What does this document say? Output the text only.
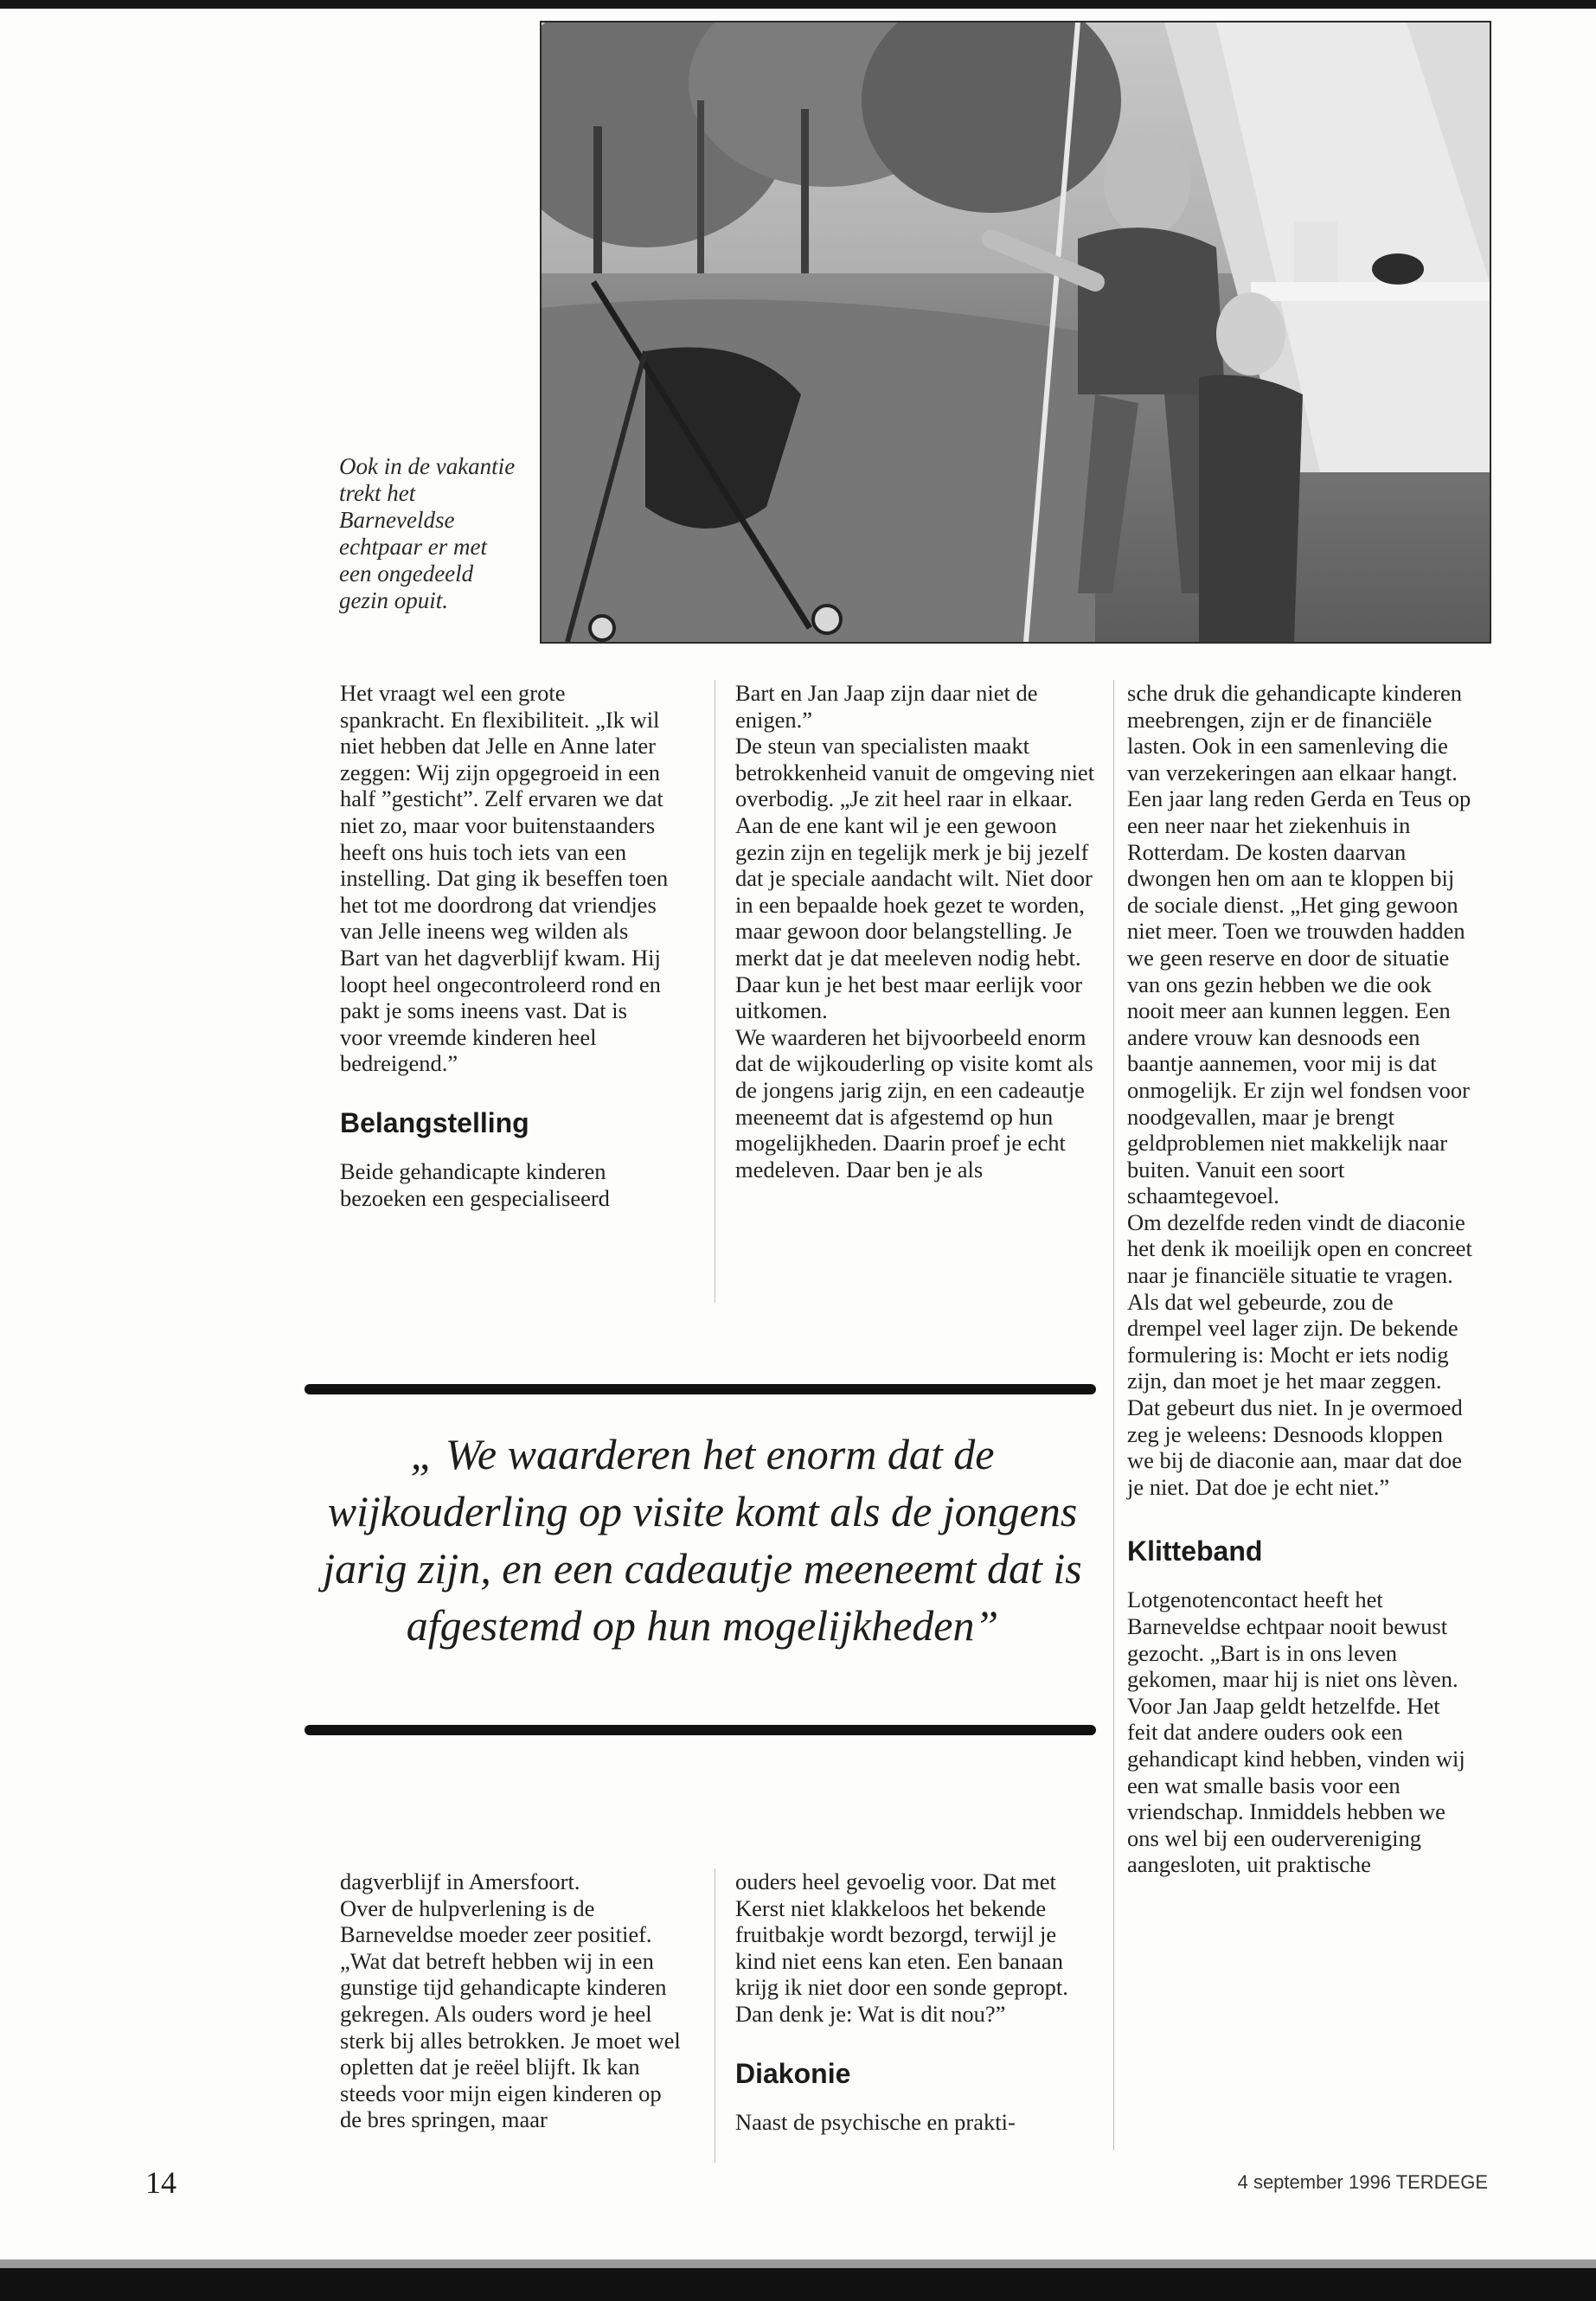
Ook in de vakantie trekt het Barneveldse echtpaar er met een ongedeeld gezin opuit.

Het vraagt wel een grote spankracht. En flexibiliteit. „Ik wil niet hebben dat Jelle en Anne later zeggen: Wij zijn opgegroeid in een half ”gesticht”. Zelf ervaren we dat niet zo, maar voor buitenstaanders heeft ons huis toch iets van een instelling. Dat ging ik beseffen toen het tot me doordrong dat vriendjes van Jelle ineens weg wilden als Bart van het dagverblijf kwam. Hij loopt heel ongecontroleerd rond en pakt je soms ineens vast. Dat is voor vreemde kinderen heel bedreigend.”

Belangstelling

Beide gehandicapte kinderen bezoeken een gespecialiseerd

Bart en Jan Jaap zijn daar niet de enigen.”

De steun van specialisten maakt betrokkenheid vanuit de omgeving niet overbodig. „Je zit heel raar in elkaar. Aan de ene kant wil je een gewoon gezin zijn en tegelijk merk je bij jezelf dat je speciale aandacht wilt. Niet door in een bepaalde hoek gezet te worden, maar gewoon door belangstelling. Je merkt dat je dat meeleven nodig hebt. Daar kun je het best maar eerlijk voor uitkomen.

We waarderen het bijvoorbeeld enorm dat de wijkouderling op visite komt als de jongens jarig zijn, en een cadeautje meeneemt dat is afgestemd op hun mogelijkheden. Daarin proef je echt medeleven. Daar ben je als

sche druk die gehandicapte kinderen meebrengen, zijn er de financiële lasten. Ook in een samenleving die van verzekeringen aan elkaar hangt. Een jaar lang reden Gerda en Teus op een neer naar het ziekenhuis in Rotterdam. De kosten daarvan dwongen hen om aan te kloppen bij de sociale dienst. „Het ging gewoon niet meer. Toen we trouwden hadden we geen reserve en door de situatie van ons gezin hebben we die ook nooit meer aan kunnen leggen. Een andere vrouw kan desnoods een baantje aannemen, voor mij is dat onmogelijk. Er zijn wel fondsen voor noodgevallen, maar je brengt geldproblemen niet makkelijk naar buiten. Vanuit een soort schaamtegevoel.

Om dezelfde reden vindt de diaconie het denk ik moeilijk open en concreet naar je financiële situatie te vragen. Als dat wel gebeurde, zou de drempel veel lager zijn. De bekende formulering is: Mocht er iets nodig zijn, dan moet je het maar zeggen. Dat gebeurt dus niet. In je overmoed zeg je weleens: Desnoods kloppen we bij de diaconie aan, maar dat doe je niet. Dat doe je echt niet.”

Klitteband

Lotgenotencontact heeft het Barneveldse echtpaar nooit bewust gezocht. „Bart is in ons leven gekomen, maar hij is niet ons lèven. Voor Jan Jaap geldt hetzelfde. Het feit dat andere ouders ook een gehandicapt kind hebben, vinden wij een wat smalle basis voor een vriendschap. Inmiddels hebben we ons wel bij een oudervereniging aangesloten, uit praktische

„ We waarderen het enorm dat de wijkouderling op visite komt als de jongens jarig zijn, en een cadeautje meeneemt dat is afgestemd op hun mogelijkheden”

dagverblijf in Amersfoort.

Over de hulpverlening is de Barneveldse moeder zeer positief. „Wat dat betreft hebben wij in een gunstige tijd gehandicapte kinderen gekregen. Als ouders word je heel sterk bij alles betrokken. Je moet wel opletten dat je reëel blijft. Ik kan steeds voor mijn eigen kinderen op de bres springen, maar

ouders heel gevoelig voor. Dat met Kerst niet klakkeloos het bekende fruitbakje wordt bezorgd, terwijl je kind niet eens kan eten. Een banaan krijg ik niet door een sonde gepropt. Dan denk je: Wat is dit nou?”

Diakonie

Naast de psychische en prakti-

14	4 september 1996 TERDEGE
